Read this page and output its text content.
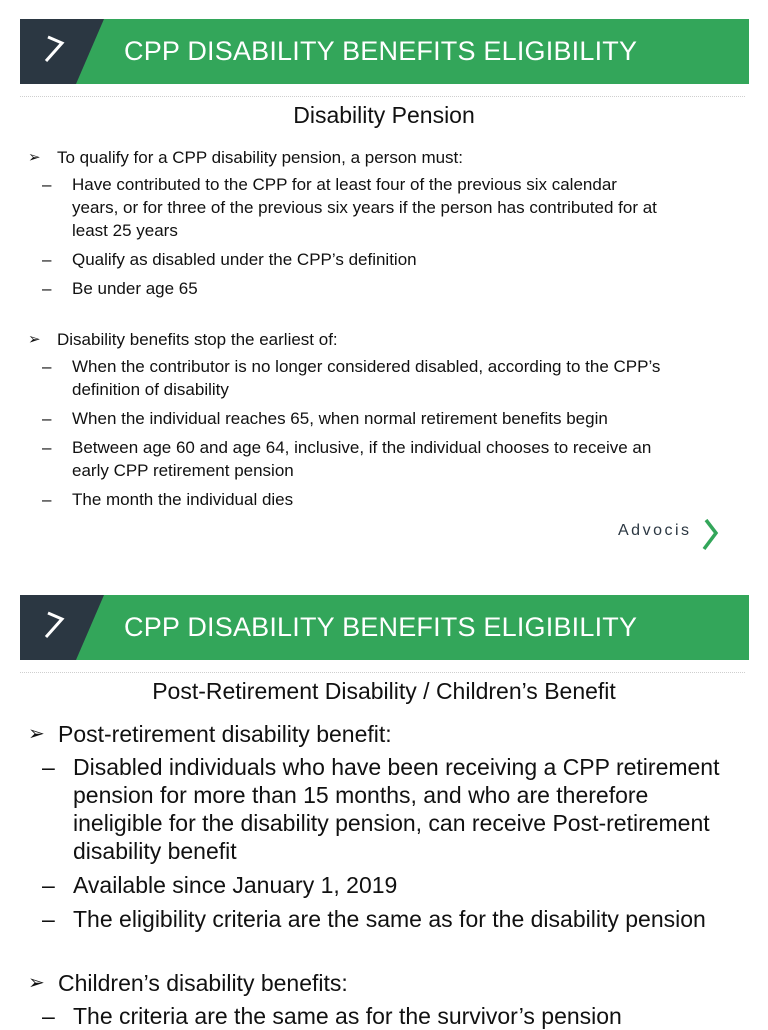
CPP DISABILITY BENEFITS ELIGIBILITY
Disability Pension
➢ To qualify for a CPP disability pension, a person must:
– Have contributed to the CPP for at least four of the previous six calendar
years, or for three of the previous six years if the person has contributed for at
least 25 years
– Qualify as disabled under the CPP’s definition
– Be under age 65
➢ Disability benefits stop the earliest of:
– When the contributor is no longer considered disabled, according to the CPP’s
definition of disability
– When the individual reaches 65, when normal retirement benefits begin
– Between age 60 and age 64, inclusive, if the individual chooses to receive an
early CPP retirement pension
– The month the individual dies
Advocis
CPP DISABILITY BENEFITS ELIGIBILITY
Post-Retirement Disability / Children’s Benefit
➢ Post-retirement disability benefit:
– Disabled individuals who have been receiving a CPP retirement
pension for more than 15 months, and who are therefore
ineligible for the disability pension, can receive Post-retirement
disability benefit
– Available since January 1, 2019
– The eligibility criteria are the same as for the disability pension
➢ Children’s disability benefits:
– The criteria are the same as for the survivor’s pension
